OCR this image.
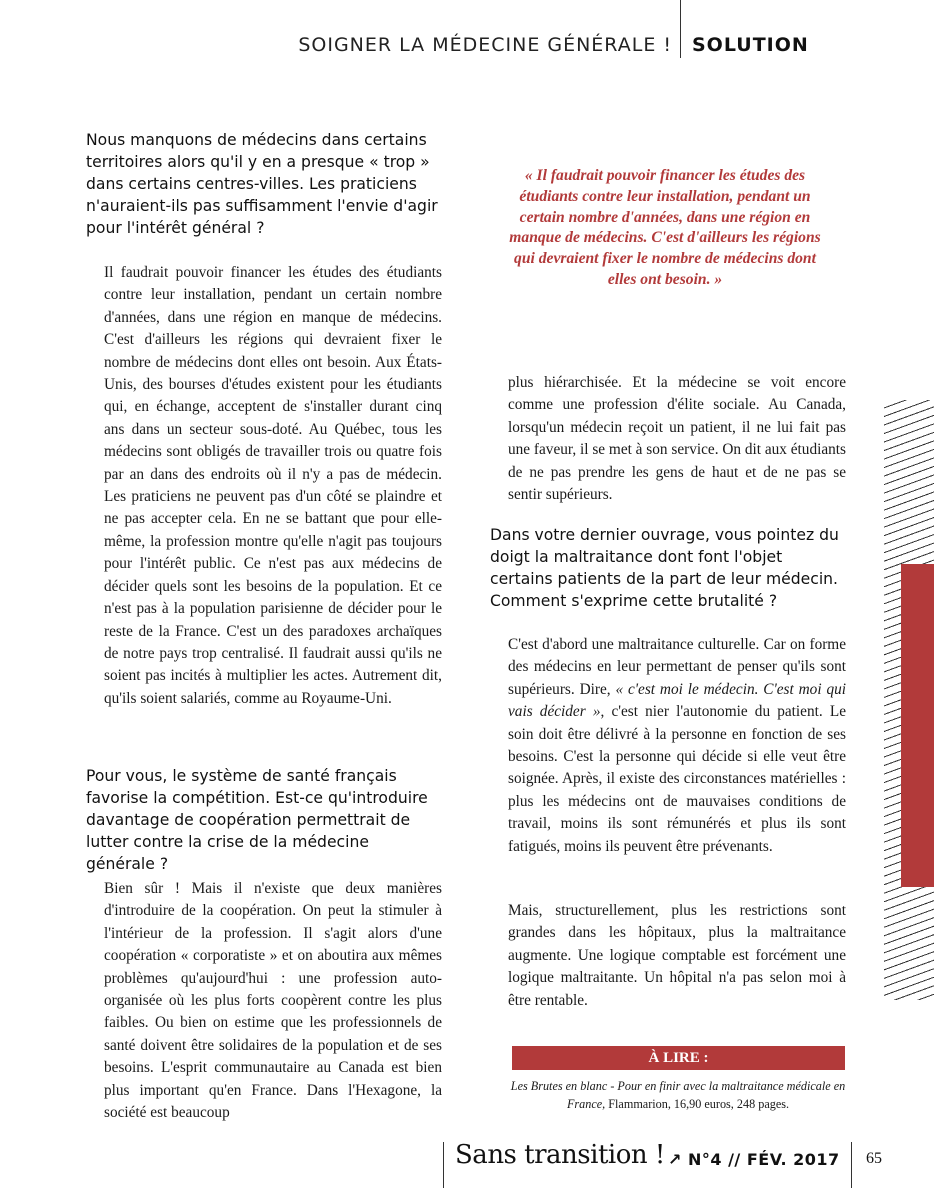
SOIGNER LA MÉDECINE GÉNÉRALE ! SOLUTION
Nous manquons de médecins dans certains territoires alors qu'il y en a presque « trop » dans certains centres-villes. Les praticiens n'auraient-ils pas suffisamment l'envie d'agir pour l'intérêt général ?
Il faudrait pouvoir financer les études des étudiants contre leur installation, pendant un certain nombre d'années, dans une région en manque de médecins. C'est d'ailleurs les régions qui devraient fixer le nombre de médecins dont elles ont besoin. Aux États-Unis, des bourses d'études existent pour les étudiants qui, en échange, acceptent de s'installer durant cinq ans dans un secteur sous-doté. Au Québec, tous les médecins sont obligés de travailler trois ou quatre fois par an dans des endroits où il n'y a pas de médecin. Les praticiens ne peuvent pas d'un côté se plaindre et ne pas accepter cela. En ne se battant que pour elle-même, la profession montre qu'elle n'agit pas toujours pour l'intérêt public. Ce n'est pas aux médecins de décider quels sont les besoins de la population. Et ce n'est pas à la population parisienne de décider pour le reste de la France. C'est un des paradoxes archaïques de notre pays trop centralisé. Il faudrait aussi qu'ils ne soient pas incités à multiplier les actes. Autrement dit, qu'ils soient salariés, comme au Royaume-Uni.
Pour vous, le système de santé français favorise la compétition. Est-ce qu'introduire davantage de coopération permettrait de lutter contre la crise de la médecine générale ?
Bien sûr ! Mais il n'existe que deux manières d'introduire de la coopération. On peut la stimuler à l'intérieur de la profession. Il s'agit alors d'une coopération « corporatiste » et on aboutira aux mêmes problèmes qu'aujourd'hui : une profession auto-organisée où les plus forts coopèrent contre les plus faibles. Ou bien on estime que les professionnels de santé doivent être solidaires de la population et de ses besoins. L'esprit communautaire au Canada est bien plus important qu'en France. Dans l'Hexagone, la société est beaucoup
« Il faudrait pouvoir financer les études des étudiants contre leur installation, pendant un certain nombre d'années, dans une région en manque de médecins. C'est d'ailleurs les régions qui devraient fixer le nombre de médecins dont elles ont besoin. »
plus hiérarchisée. Et la médecine se voit encore comme une profession d'élite sociale. Au Canada, lorsqu'un médecin reçoit un patient, il ne lui fait pas une faveur, il se met à son service. On dit aux étudiants de ne pas prendre les gens de haut et de ne pas se sentir supérieurs.
Dans votre dernier ouvrage, vous pointez du doigt la maltraitance dont font l'objet certains patients de la part de leur médecin. Comment s'exprime cette brutalité ?
C'est d'abord une maltraitance culturelle. Car on forme des médecins en leur permettant de penser qu'ils sont supérieurs. Dire, « c'est moi le médecin. C'est moi qui vais décider », c'est nier l'autonomie du patient. Le soin doit être délivré à la personne en fonction de ses besoins. C'est la personne qui décide si elle veut être soignée. Après, il existe des circonstances matérielles : plus les médecins ont de mauvaises conditions de travail, moins ils sont rémunérés et plus ils sont fatigués, moins ils peuvent être prévenants.
Mais, structurellement, plus les restrictions sont grandes dans les hôpitaux, plus la maltraitance augmente. Une logique comptable est forcément une logique maltraitante. Un hôpital n'a pas selon moi à être rentable.
À LIRE :
Les Brutes en blanc - Pour en finir avec la maltraitance médicale en France, Flammarion, 16,90 euros, 248 pages.
Sans transition ! ↗ N°4 // FÉV. 2017 65
